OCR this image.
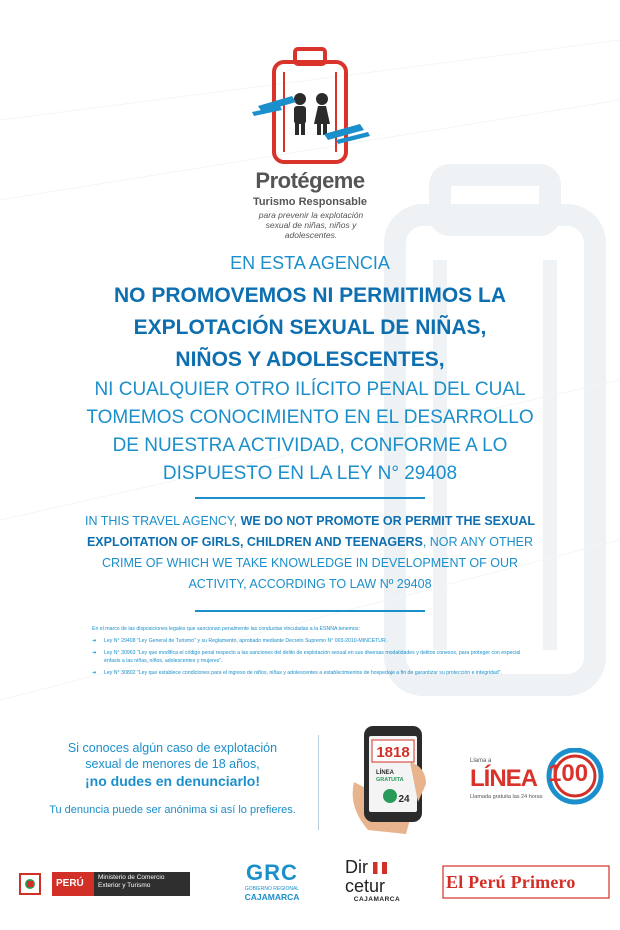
Protégeme
Turismo Responsable
para prevenir la explotación sexual de niñas, niños y adolescentes.
EN ESTA AGENCIA
NO PROMOVEMOS NI PERMITIMOS LA
EXPLOTACIÓN SEXUAL DE NIÑAS,
NIÑOS Y ADOLESCENTES,
NI CUALQUIER OTRO ILÍCITO PENAL DEL CUAL
TOMEMOS CONOCIMIENTO EN EL DESARROLLO
DE NUESTRA ACTIVIDAD, CONFORME A LO
DISPUESTO EN LA LEY N° 29408
IN THIS TRAVEL AGENCY, WE DO NOT PROMOTE OR PERMIT THE SEXUAL
EXPLOITATION OF GIRLS, CHILDREN AND TEENAGERS, NOR ANY OTHER
CRIME OF WHICH WE TAKE KNOWLEDGE IN DEVELOPMENT OF OUR
ACTIVITY, ACCORDING TO LAW Nº 29408
En el marco de las disposiciones legales que sancionan penalmente las conductas vinculadas a la ESNNA tenemos:
➜	Ley N° 29408 "Ley General de Turismo" y su Reglamento, aprobado mediante Decreto Supremo N° 003-2010-MINCETUR.
➜	Ley N° 30963 "Ley que modifica el código penal respecto a las sanciones del delito de explotación sexual en sus diversas modalidades y delitos conexos, para proteger con especial énfasis a las niñas, niños, adolescentes y mujeres".
➜	Ley N° 30802 "Ley que establece condiciones para el ingreso de niños, niñas y adolescentes a establecimientos de hospedaje a fin de garantizar su protección e integridad".
Si conoces algún caso de explotación
sexual de menores de 18 años,
¡no dudes en denunciarlo!
Tu denuncia puede ser anónima si así lo prefieres.
1818
LÍNEA
GRATUITA
24
Llama a
LÍNEA 100
Llamada gratuita las 24 horas
PERÚ
Ministerio de Comercio Exterior y Turismo	GRC
GOBIERNO REGIONAL
CAJAMARCA
Dir
cetur
CAJAMARCA
El Perú Primero
